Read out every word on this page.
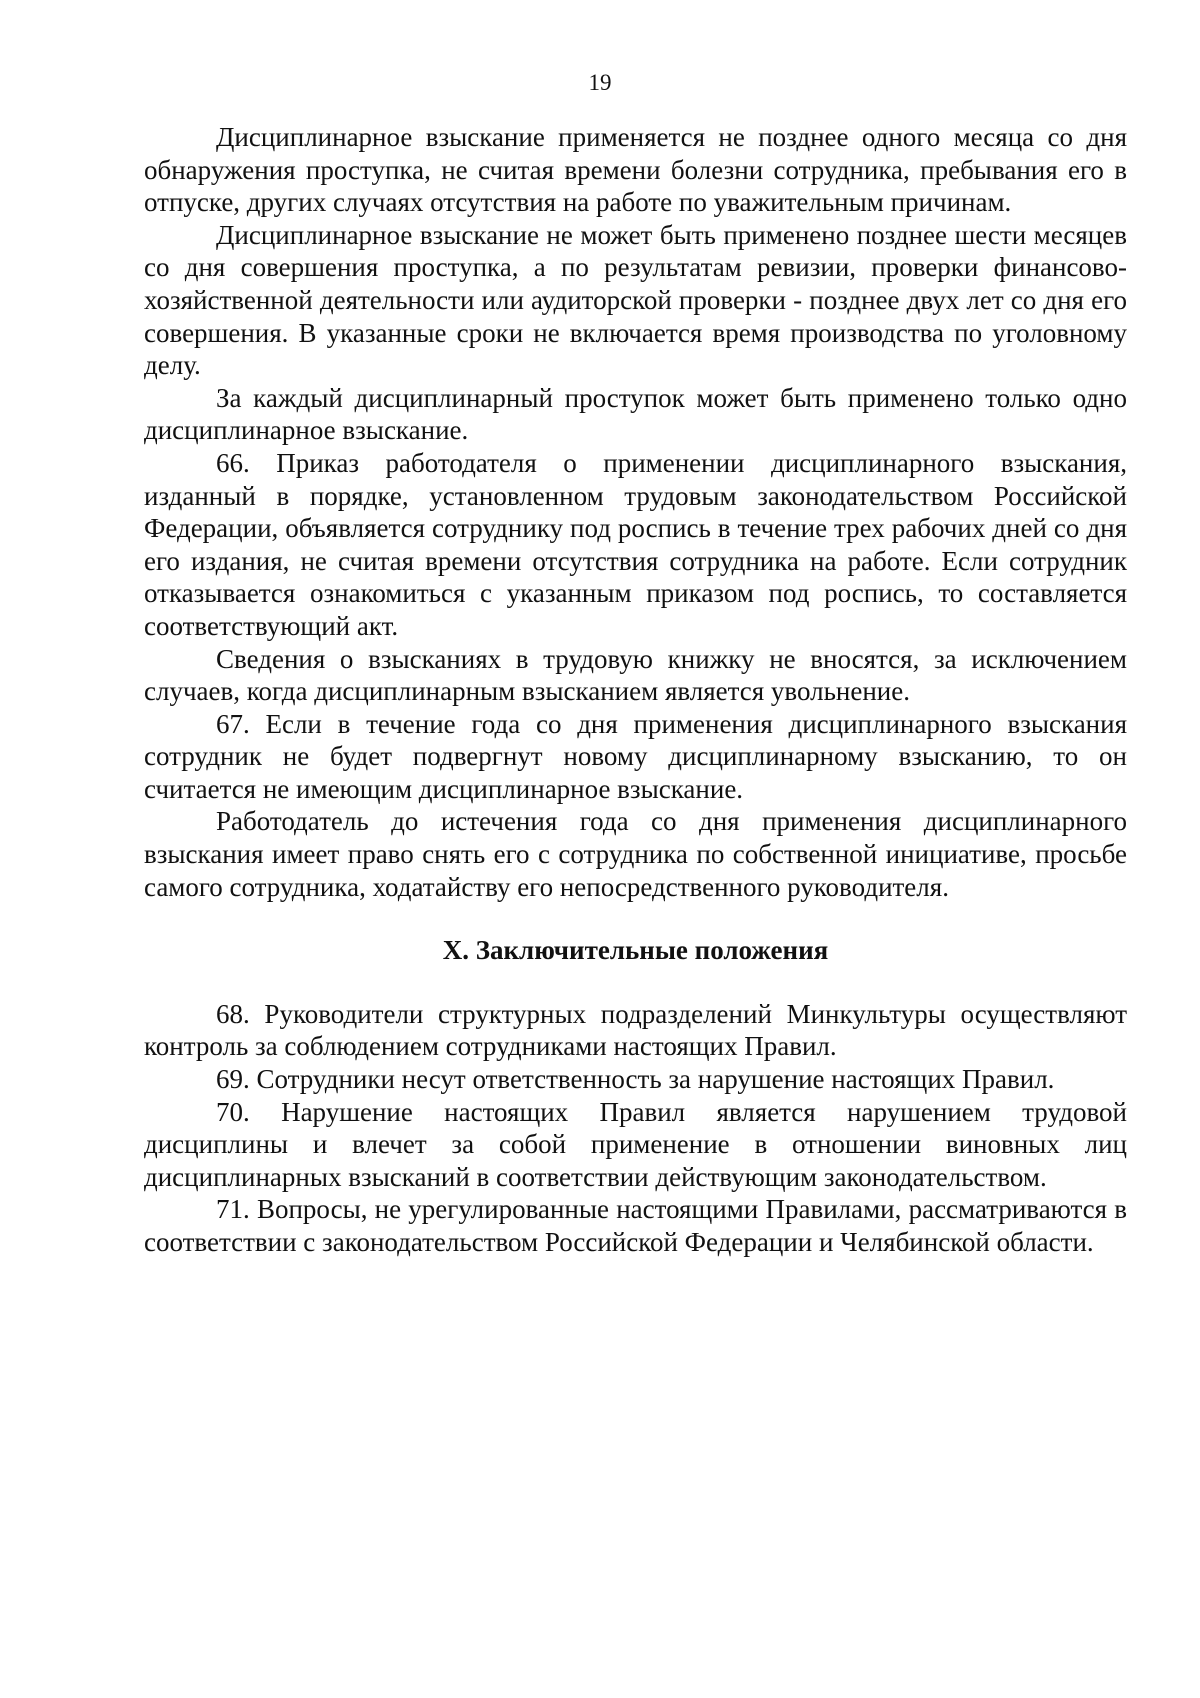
19

Дисциплинарное взыскание применяется не позднее одного месяца со дня обнаружения проступка, не считая времени болезни сотрудника, пребывания его в отпуске, других случаях отсутствия на работе по уважительным причинам.

Дисциплинарное взыскание не может быть применено позднее шести месяцев со дня совершения проступка, а по результатам ревизии, проверки финансово-хозяйственной деятельности или аудиторской проверки - позднее двух лет со дня его совершения. В указанные сроки не включается время производства по уголовному делу.

За каждый дисциплинарный проступок может быть применено только одно дисциплинарное взыскание.

66. Приказ работодателя о применении дисциплинарного взыскания, изданный в порядке, установленном трудовым законодательством Российской Федерации, объявляется сотруднику под роспись в течение трех рабочих дней со дня его издания, не считая времени отсутствия сотрудника на работе. Если сотрудник отказывается ознакомиться с указанным приказом под роспись, то составляется соответствующий акт.

Сведения о взысканиях в трудовую книжку не вносятся, за исключением случаев, когда дисциплинарным взысканием является увольнение.

67. Если в течение года со дня применения дисциплинарного взыскания сотрудник не будет подвергнут новому дисциплинарному взысканию, то он считается не имеющим дисциплинарное взыскание.

Работодатель до истечения года со дня применения дисциплинарного взыскания имеет право снять его с сотрудника по собственной инициативе, просьбе самого сотрудника, ходатайству его непосредственного руководителя.

X. Заключительные положения

68. Руководители структурных подразделений Минкультуры осуществляют контроль за соблюдением сотрудниками настоящих Правил.

69. Сотрудники несут ответственность за нарушение настоящих Правил.

70. Нарушение настоящих Правил является нарушением трудовой дисциплины и влечет за собой применение в отношении виновных лиц дисциплинарных взысканий в соответствии действующим законодательством.

71. Вопросы, не урегулированные настоящими Правилами, рассматриваются в соответствии с законодательством Российской Федерации и Челябинской области.
